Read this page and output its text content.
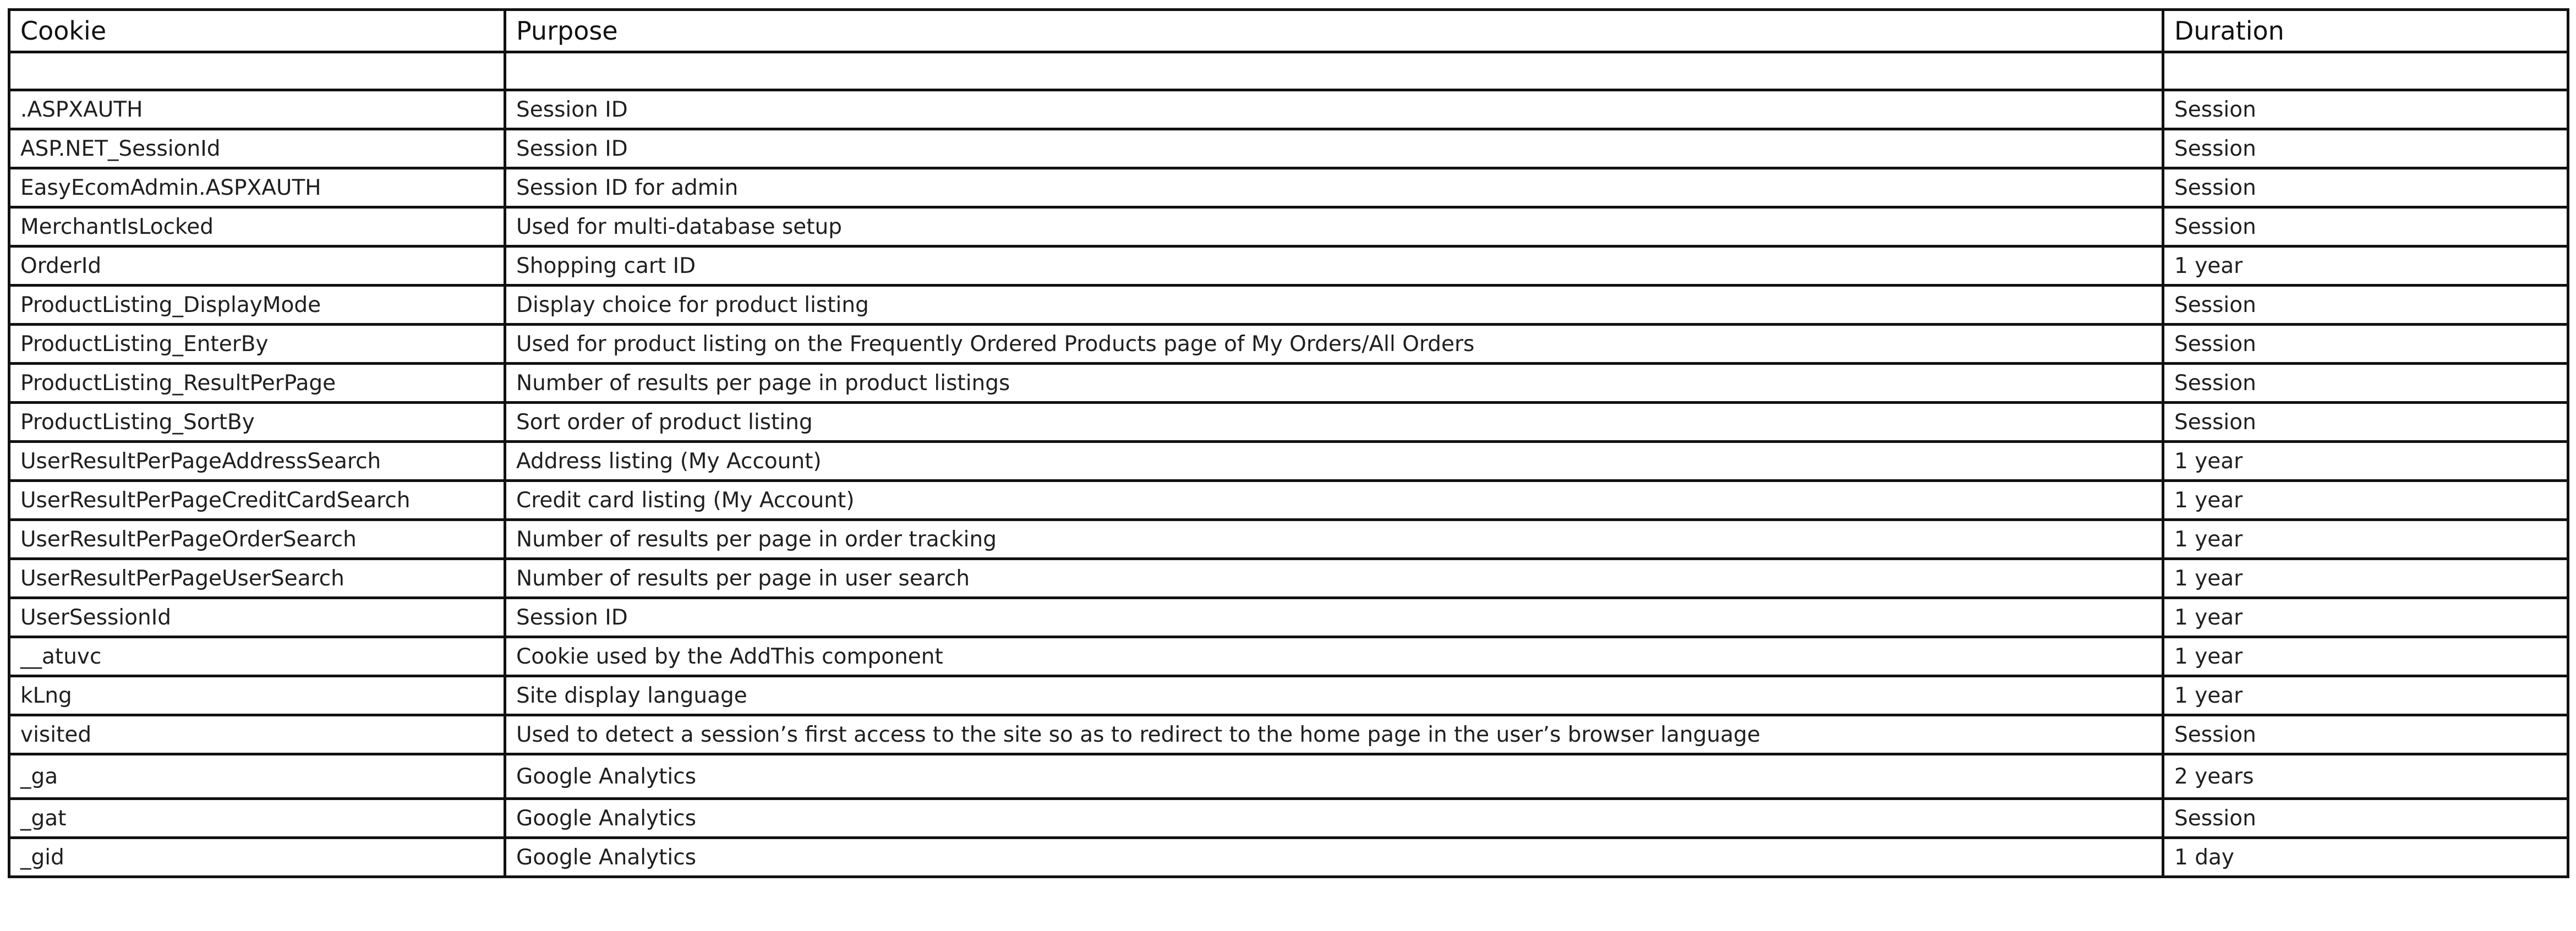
Cookie	Purpose	Duration

.ASPXAUTH	Session ID	Session
ASP.NET_SessionId	Session ID	Session
EasyEcomAdmin.ASPXAUTH	Session ID for admin	Session
MerchantIsLocked	Used for multi-database setup	Session
OrderId	Shopping cart ID	1 year
ProductListing_DisplayMode	Display choice for product listing	Session
ProductListing_EnterBy	Used for product listing on the Frequently Ordered Products page of My Orders/All Orders	Session
ProductListing_ResultPerPage	Number of results per page in product listings	Session
ProductListing_SortBy	Sort order of product listing	Session
UserResultPerPageAddressSearch	Address listing (My Account)	1 year
UserResultPerPageCreditCardSearch	Credit card listing (My Account)	1 year
UserResultPerPageOrderSearch	Number of results per page in order tracking	1 year
UserResultPerPageUserSearch	Number of results per page in user search	1 year
UserSessionId	Session ID	1 year
__atuvc	Cookie used by the AddThis component	1 year
kLng	Site display language	1 year
visited	Used to detect a session’s first access to the site so as to redirect to the home page in the user’s browser language	Session
_ga	Google Analytics	2 years
_gat	Google Analytics	Session
_gid	Google Analytics	1 day
